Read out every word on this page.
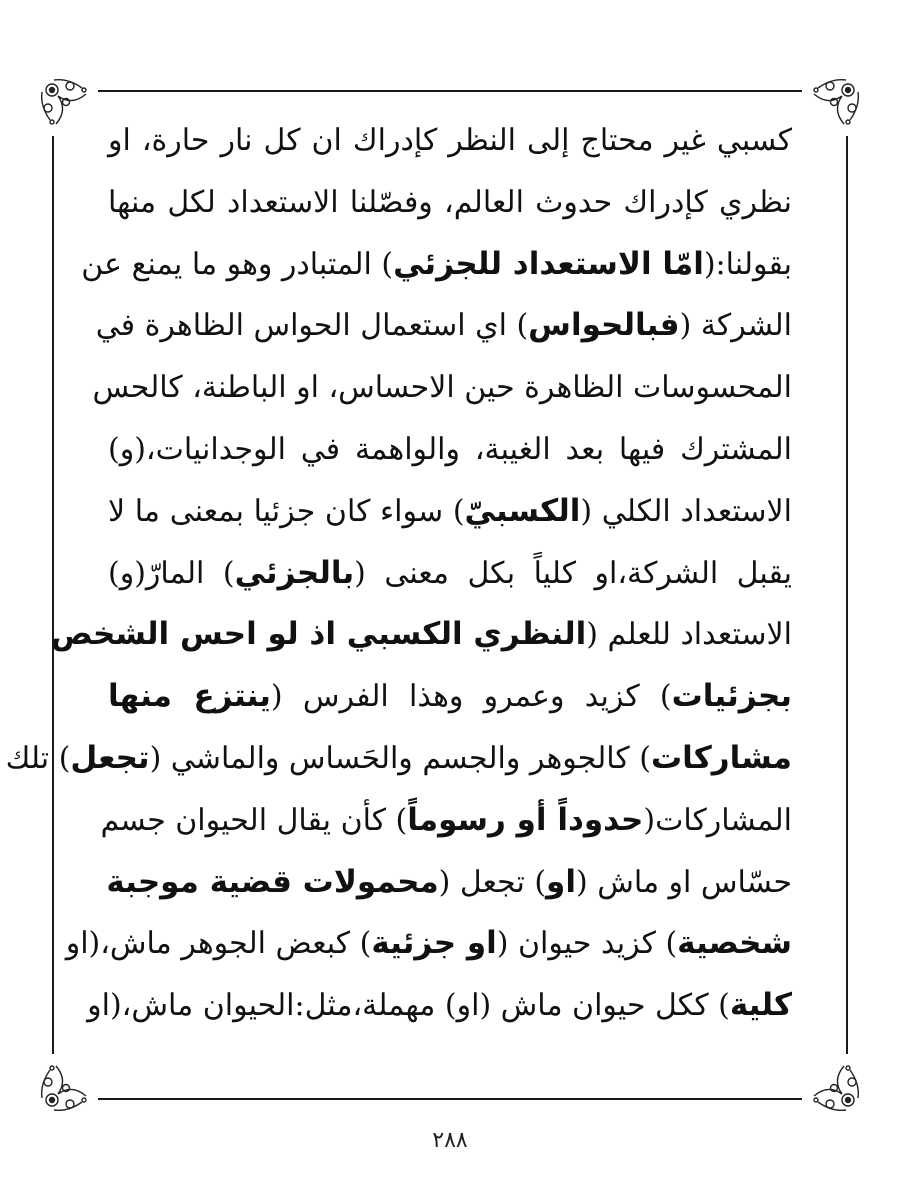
كسبي غير محتاج إلى النظر كإدراك ان كل نار حارة، او
نظري كإدراك حدوث العالم، وفصّلنا الاستعداد لكل منها
بقولنا:(امّا الاستعداد للجزئي) المتبادر وهو ما يمنع عن
الشركة (فبالحواس) اي استعمال الحواس الظاهرة في
المحسوسات الظاهرة حين الاحساس، او الباطنة، كالحس
المشترك فيها بعد الغيبة، والواهمة في الوجدانيات،(و)
الاستعداد الكلي (الكسبيّ) سواء كان جزئيا بمعنى ما لا
يقبل الشركة،او كلياً بكل معنى (بالجزئي) المارّ(و)
الاستعداد للعلم (النظري الكسبي اذ لو احس الشخص
بجزئيات) كزيد وعمرو وهذا الفرس (ينتزع منها
مشاركات) كالجوهر والجسم والحَساس والماشي (تجعل) تلك
المشاركات(حدوداً أو رسوماً) كأن يقال الحيوان جسم
حسّاس او ماش (او) تجعل (محمولات قضية موجبة
شخصية) كزيد حيوان (او جزئية) كبعض الجوهر ماش،(او
كلية) ككل حيوان ماش (او) مهملة،مثل:الحيوان ماش،(او
٢٨٨
